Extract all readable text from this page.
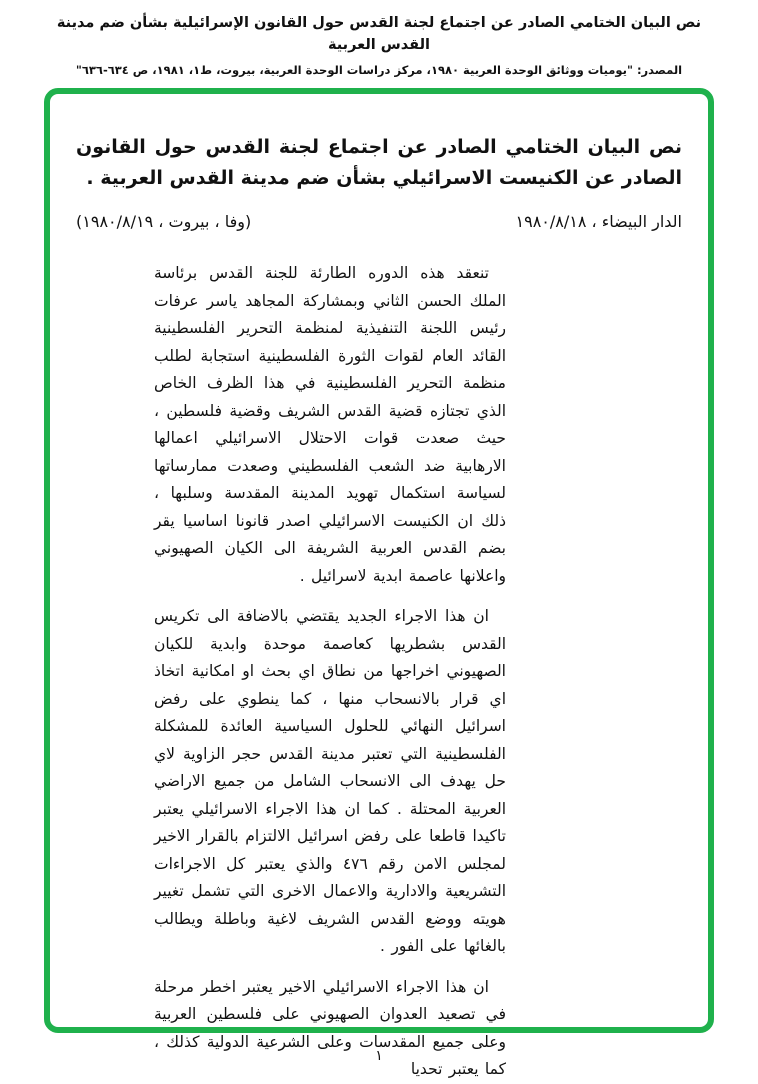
نص البيان الختامي الصادر عن اجتماع لجنة القدس حول القانون الإسرائيلية بشأن ضم مدينة القدس العربية
المصدر: "يوميات ووثائق الوحدة العربية ١٩٨٠، مركز دراسات الوحدة العربية، بيروت، ط١، ١٩٨١، ص ٦٣٤-٦٣٦"
نص البيان الختامي الصادر عن اجتماع لجنة القدس حول القانون الصادر عن الكنيست الاسرائيلي بشأن ضم مدينة القدس العربية .
الدار البيضاء ، ١٩٨٠/٨/١٨
(وفا ، بيروت ، ١٩٨٠/٨/١٩)

تنعقد هذه الدوره الطارئة للجنة القدس برئاسة الملك الحسن الثاني وبمشاركة المجاهد ياسر عرفات رئيس اللجنة التنفيذية لمنظمة التحرير الفلسطينية القائد العام لقوات الثورة الفلسطينية استجابة لطلب منظمة التحرير الفلسطينية في هذا الظرف الخاص الذي تجتازه قضية القدس الشريف وقضية فلسطين ، حيث صعدت قوات الاحتلال الاسرائيلي اعمالها الارهابية ضد الشعب الفلسطيني وصعدت ممارساتها لسياسة استكمال تهويد المدينة المقدسة وسلبها ، ذلك ان الكنيست الاسرائيلي اصدر قانونا اساسيا يقر بضم القدس العربية الشريفة الى الكيان الصهيوني واعلانها عاصمة ابدية لاسرائيل .

ان هذا الاجراء الجديد يقتضي بالاضافة الى تكريس القدس بشطريها كعاصمة موحدة وابدية للكيان الصهيوني اخراجها من نطاق اي بحث او امكانية اتخاذ اي قرار بالانسحاب منها ، كما ينطوي على رفض اسرائيل النهائي للحلول السياسية العائدة للمشكلة الفلسطينية التي تعتبر مدينة القدس حجر الزاوية لاي حل يهدف الى الانسحاب الشامل من جميع الاراضي العربية المحتلة . كما ان هذا الاجراء الاسرائيلي يعتبر تاكيدا قاطعا على رفض اسرائيل الالتزام بالقرار الاخير لمجلس الامن رقم ٤٧٦ والذي يعتبر كل الاجراءات التشريعية والادارية والاعمال الاخرى التي تشمل تغيير هويته ووضع القدس الشريف لاغية وباطلة ويطالب بالغائها على الفور .

ان هذا الاجراء الاسرائيلي الاخير يعتبر اخطر مرحلة في تصعيد العدوان الصهيوني على فلسطين العربية وعلى جميع المقدسات وعلى الشرعية الدولية كذلك ، كما يعتبر تحديا

١
